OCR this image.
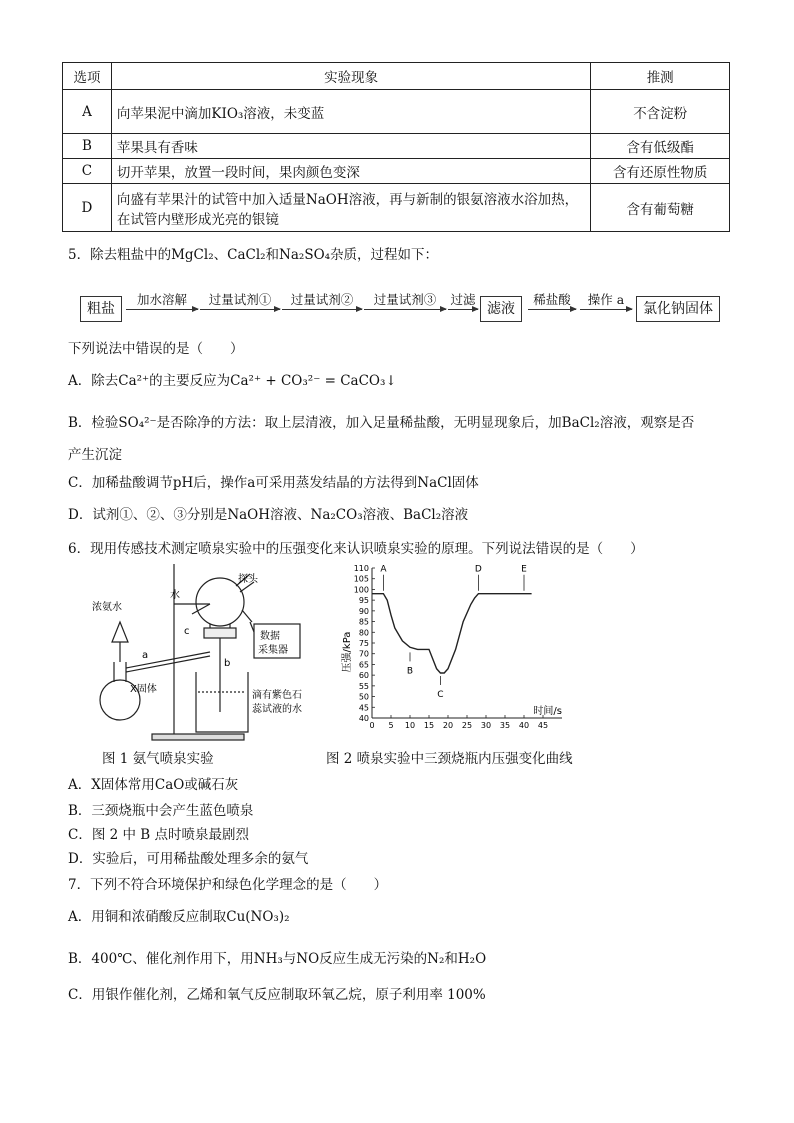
选项	实验现象	推测
A	向苹果泥中滴加KIO₃溶液，未变蓝	不含淀粉
B	苹果具有香味	含有低级酯
C	切开苹果，放置一段时间，果肉颜色变深	含有还原性物质
D	向盛有苹果汁的试管中加入适量NaOH溶液，再与新制的银氨溶液水浴加热，
在试管内壁形成光亮的银镜	含有葡萄糖
5．除去粗盐中的MgCl₂、CaCl₂和Na₂SO₄杂质，过程如下：
粗盐
加水溶解	过量试剂①	过量试剂②	过量试剂③	过滤
滤液
稀盐酸	操作 a
氯化钠固体
下列说法中错误的是（　　）
A．除去Ca²⁺的主要反应为Ca²⁺ + CO₃²⁻ = CaCO₃↓
B．检验SO₄²⁻是否除净的方法：取上层清液，加入足量稀盐酸，无明显现象后，加BaCl₂溶液，观察是否
产生沉淀
C．加稀盐酸调节pH后，操作a可采用蒸发结晶的方法得到NaCl固体
D．试剂①、②、③分别是NaOH溶液、Na₂CO₃溶液、BaCl₂溶液
6．现用传感技术测定喷泉实验中的压强变化来认识喷泉实验的原理。下列说法错误的是（　　）
浓氨水
水
探头
数据
采集器
X固体
滴有紫色石
蕊试液的水
a
b
c
40
45
50
55
60
65
70
75
80
85
90
95
100
105
110
0 5 10 15 20 25 30 35 40 45
A
B
C
D	E
压强/kPa
时间/s
图 1 氨气喷泉实验	图 2 喷泉实验中三颈烧瓶内压强变化曲线
A．X固体常用CaO或碱石灰
B．三颈烧瓶中会产生蓝色喷泉
C．图 2 中 B 点时喷泉最剧烈
D．实验后，可用稀盐酸处理多余的氨气
7．下列不符合环境保护和绿色化学理念的是（　　）
A．用铜和浓硝酸反应制取Cu(NO₃)₂
B．400℃、催化剂作用下，用NH₃与NO反应生成无污染的N₂和H₂O
C．用银作催化剂，乙烯和氧气反应制取环氧乙烷，原子利用率 100%
